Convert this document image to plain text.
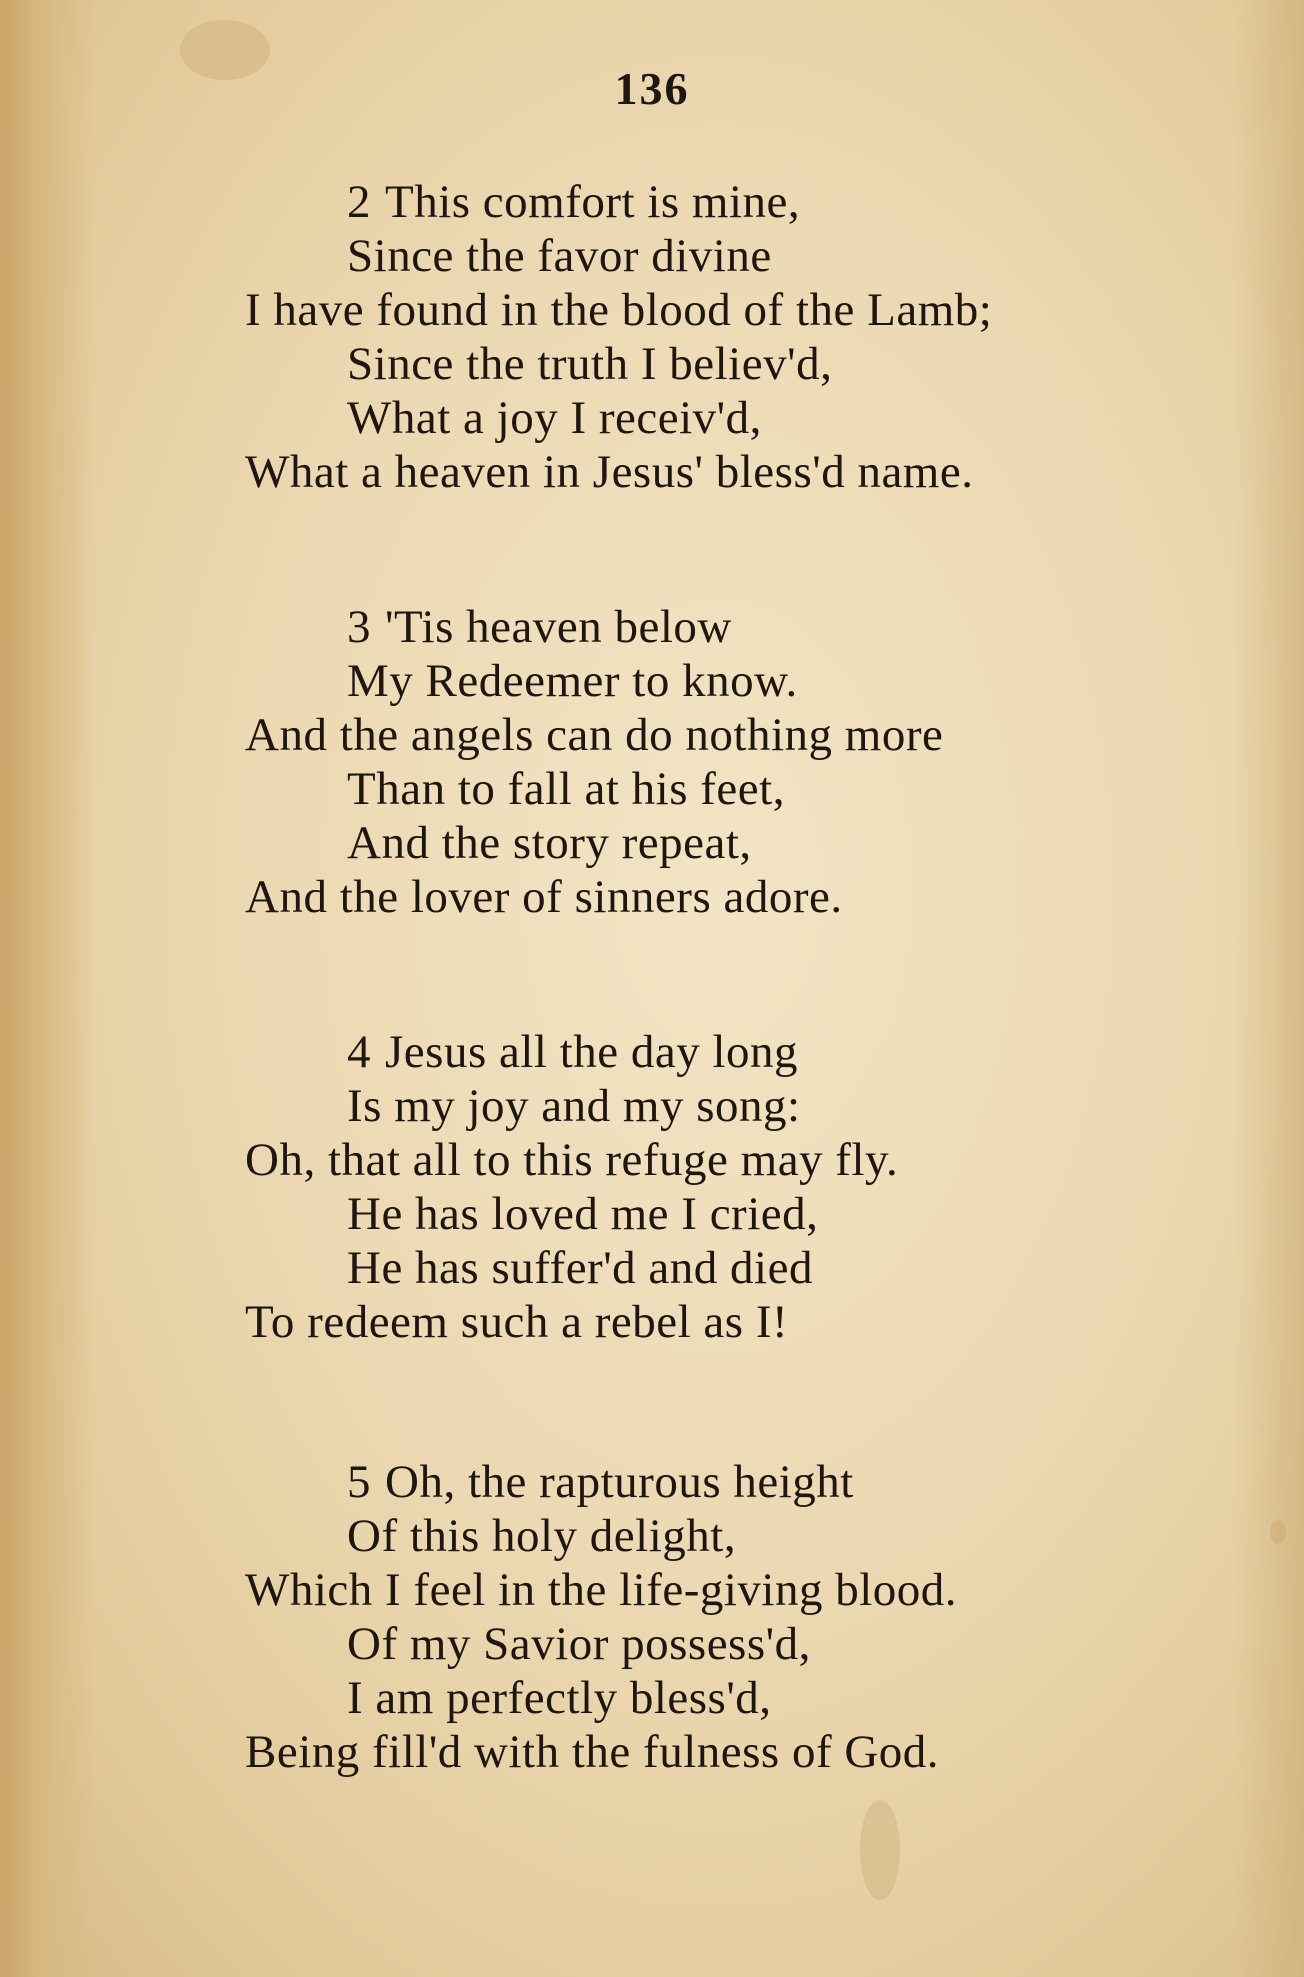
136
2 This comfort is mine,
Since the favor divine
I have found in the blood of the Lamb;
Since the truth I believ'd,
What a joy I receiv'd,
What a heaven in Jesus' bless'd name.
3 'Tis heaven below
My Redeemer to know.
And the angels can do nothing more
Than to fall at his feet,
And the story repeat,
And the lover of sinners adore.
4 Jesus all the day long
Is my joy and my song:
Oh, that all to this refuge may fly.
He has loved me I cried,
He has suffer'd and died
To redeem such a rebel as I!
5 Oh, the rapturous height
Of this holy delight,
Which I feel in the life-giving blood.
Of my Savior possess'd,
I am perfectly bless'd,
Being fill'd with the fulness of God.
